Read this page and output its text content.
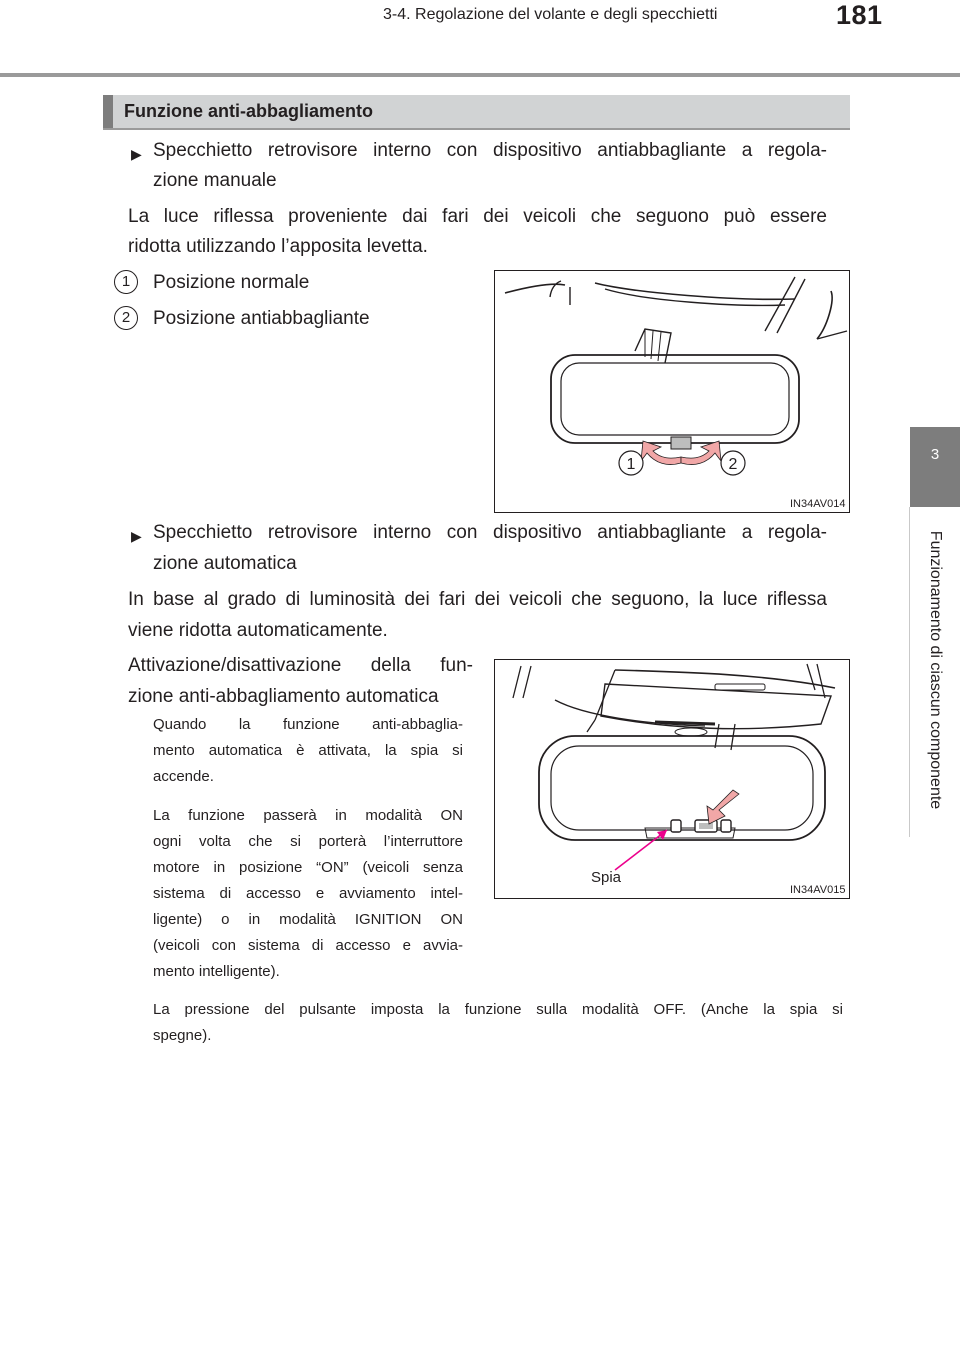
3-4. Regolazione del volante e degli specchietti	181
3
Funzionamento di ciascun componente
Funzione anti-abbagliamento
▶ Specchietto retrovisore interno con dispositivo antiabbagliante a regola-
zione manuale
La luce riflessa proveniente dai fari dei veicoli che seguono può essere
ridotta utilizzando l’apposita levetta.
1	Posizione normale
2	Posizione antiabbagliante
1	2
IN34AV014
▶ Specchietto retrovisore interno con dispositivo antiabbagliante a regola-
zione automatica
In base al grado di luminosità dei fari dei veicoli che seguono, la luce riflessa
viene ridotta automaticamente.
Attivazione/disattivazione della fun-
zione anti-abbagliamento automatica
Quando la funzione anti-abbaglia-
mento automatica è attivata, la spia si
accende.
La funzione passerà in modalità ON
ogni volta che si porterà l’interruttore
motore in posizione “ON” (veicoli senza
sistema di accesso e avviamento intel-
ligente) o in modalità IGNITION ON
(veicoli con sistema di accesso e avvia-
mento intelligente).
La pressione del pulsante imposta la funzione sulla modalità OFF. (Anche la spia si
spegne).
Spia
IN34AV015
